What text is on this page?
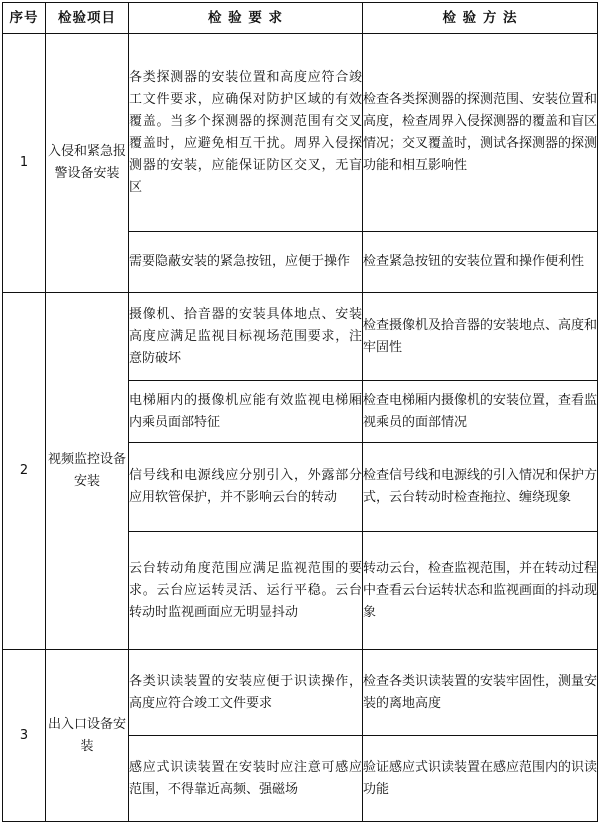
序号	检验项目	检 验 要 求	检 验 方 法
1	入侵和紧急报警设备安装	各类探测器的安装位置和高度应符合竣工文件要求，应确保对防护区域的有效覆盖。当多个探测器的探测范围有交叉覆盖时，应避免相互干扰。周界入侵探测器的安装，应能保证防区交叉，无盲区	检查各类探测器的探测范围、安装位置和高度，检查周界入侵探测器的覆盖和盲区情况；交叉覆盖时，测试各探测器的探测功能和相互影响性
		需要隐蔽安装的紧急按钮，应便于操作	检查紧急按钮的安装位置和操作便利性
2	视频监控设备安装	摄像机、拾音器的安装具体地点、安装高度应满足监视目标视场范围要求，注意防破坏	检查摄像机及拾音器的安装地点、高度和牢固性
		电梯厢内的摄像机应能有效监视电梯厢内乘员面部特征	检查电梯厢内摄像机的安装位置，查看监视乘员的面部情况
		信号线和电源线应分别引入，外露部分应用软管保护，并不影响云台的转动	检查信号线和电源线的引入情况和保护方式，云台转动时检查拖拉、缠绕现象
		云台转动角度范围应满足监视范围的要求。云台应运转灵活、运行平稳。云台转动时监视画面应无明显抖动	转动云台，检查监视范围，并在转动过程中查看云台运转状态和监视画面的抖动现象
3	出入口设备安装	各类识读装置的安装应便于识读操作，高度应符合竣工文件要求	检查各类识读装置的安装牢固性，测量安装的离地高度
		感应式识读装置在安装时应注意可感应范围，不得靠近高频、强磁场	验证感应式识读装置在感应范围内的识读功能
